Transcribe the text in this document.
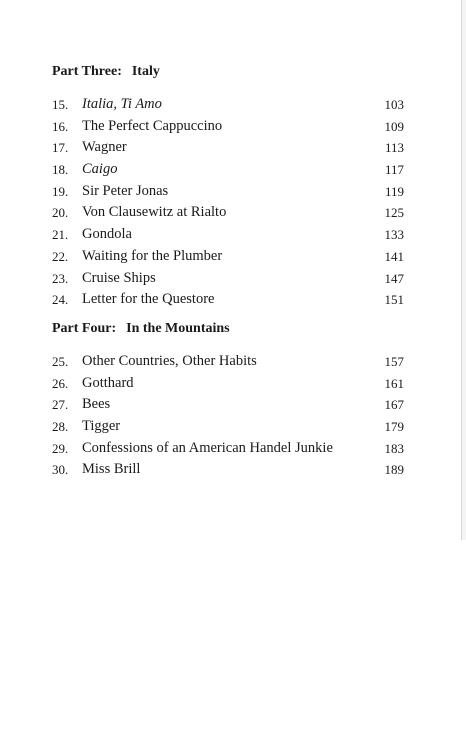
Part Three: Italy
15. Italia, Ti Amo	103
16. The Perfect Cappuccino	109
17. Wagner	113
18. Caigo	117
19. Sir Peter Jonas	119
20. Von Clausewitz at Rialto	125
21. Gondola	133
22. Waiting for the Plumber	141
23. Cruise Ships	147
24. Letter for the Questore	151
Part Four: In the Mountains
25. Other Countries, Other Habits	157
26. Gotthard	161
27. Bees	167
28. Tigger	179
29. Confessions of an American Handel Junkie	183
30. Miss Brill	189
